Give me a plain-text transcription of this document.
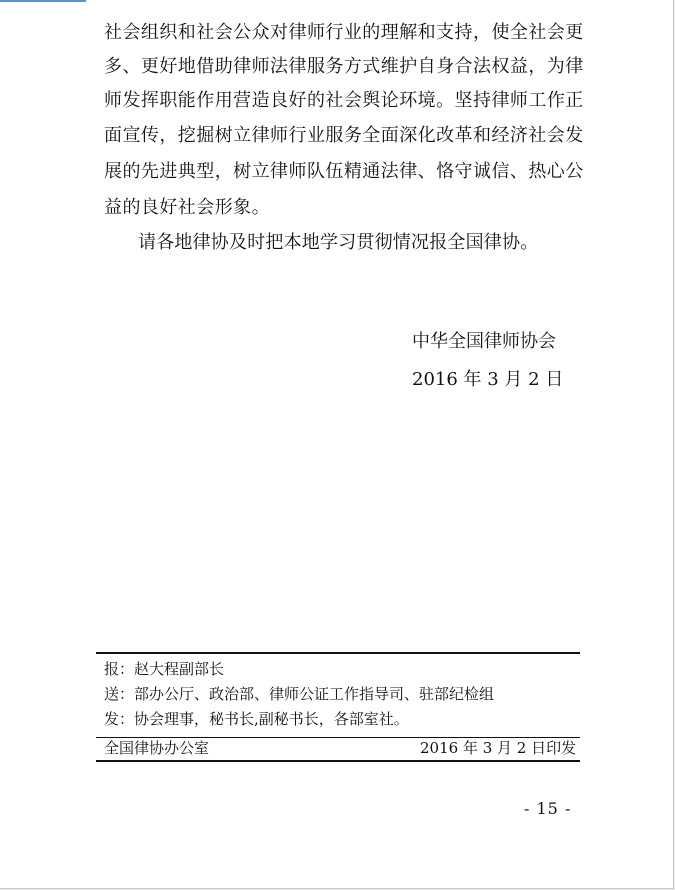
社会组织和社会公众对律师行业的理解和支持，使全社会更
多、更好地借助律师法律服务方式维护自身合法权益，为律
师发挥职能作用营造良好的社会舆论环境。坚持律师工作正
面宣传，挖掘树立律师行业服务全面深化改革和经济社会发
展的先进典型，树立律师队伍精通法律、恪守诚信、热心公
益的良好社会形象。
请各地律协及时把本地学习贯彻情况报全国律协。
中华全国律师协会
2016 年 3 月 2 日
报：赵大程副部长
送：部办公厅、政治部、律师公证工作指导司、驻部纪检组
发：协会理事，秘书长,副秘书长，各部室社。
全国律协办公室	2016 年 3 月 2 日印发
- 15 -
